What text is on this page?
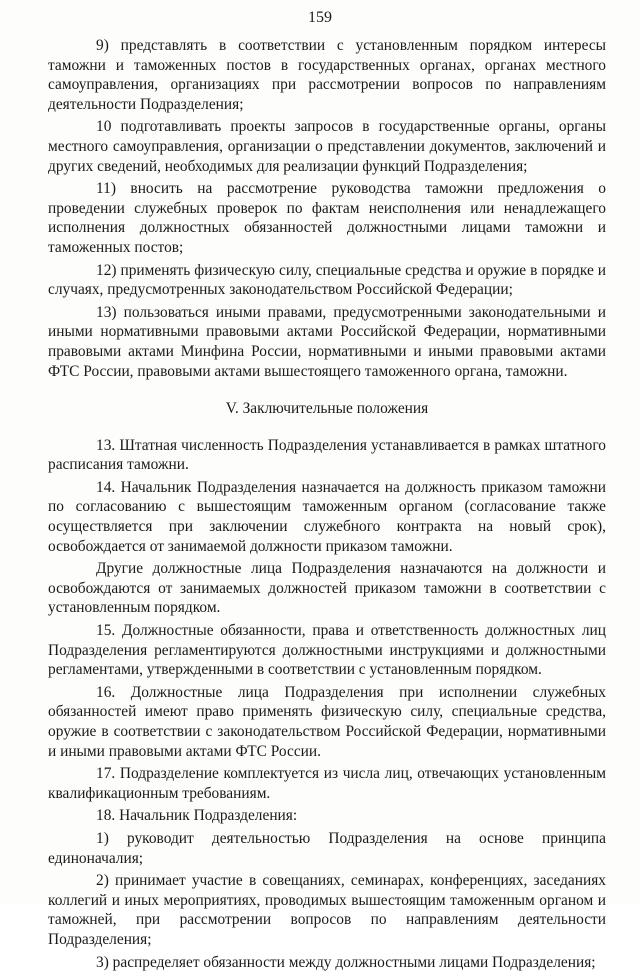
159

9) представлять в соответствии с установленным порядком интересы таможни и таможенных постов в государственных органах, органах местного самоуправления, организациях при рассмотрении вопросов по направлениям деятельности Подразделения;

10 подготавливать проекты запросов в государственные органы, органы местного самоуправления, организации о представлении документов, заключений и других сведений, необходимых для реализации функций Подразделения;

11) вносить на рассмотрение руководства таможни предложения о проведении служебных проверок по фактам неисполнения или ненадлежащего исполнения должностных обязанностей должностными лицами таможни и таможенных постов;

12) применять физическую силу, специальные средства и оружие в порядке и случаях, предусмотренных законодательством Российской Федерации;

13) пользоваться иными правами, предусмотренными законодательными и иными нормативными правовыми актами Российской Федерации, нормативными правовыми актами Минфина России, нормативными и иными правовыми актами ФТС России, правовыми актами вышестоящего таможенного органа, таможни.

V. Заключительные положения

13. Штатная численность Подразделения устанавливается в рамках штатного расписания таможни.

14. Начальник Подразделения назначается на должность приказом таможни по согласованию с вышестоящим таможенным органом (согласование также осуществляется при заключении служебного контракта на новый срок), освобождается от занимаемой должности приказом таможни.

Другие должностные лица Подразделения назначаются на должности и освобождаются от занимаемых должностей приказом таможни в соответствии с установленным порядком.

15. Должностные обязанности, права и ответственность должностных лиц Подразделения регламентируются должностными инструкциями и должностными регламентами, утвержденными в соответствии с установленным порядком.

16. Должностные лица Подразделения при исполнении служебных обязанностей имеют право применять физическую силу, специальные средства, оружие в соответствии с законодательством Российской Федерации, нормативными и иными правовыми актами ФТС России.

17. Подразделение комплектуется из числа лиц, отвечающих установленным квалификационным требованиям.

18. Начальник Подразделения:

1) руководит деятельностью Подразделения на основе принципа единоначалия;

2) принимает участие в совещаниях, семинарах, конференциях, заседаниях коллегий и иных мероприятиях, проводимых вышестоящим таможенным органом и таможней, при рассмотрении вопросов по направлениям деятельности Подразделения;

3) распределяет обязанности между должностными лицами Подразделения;
